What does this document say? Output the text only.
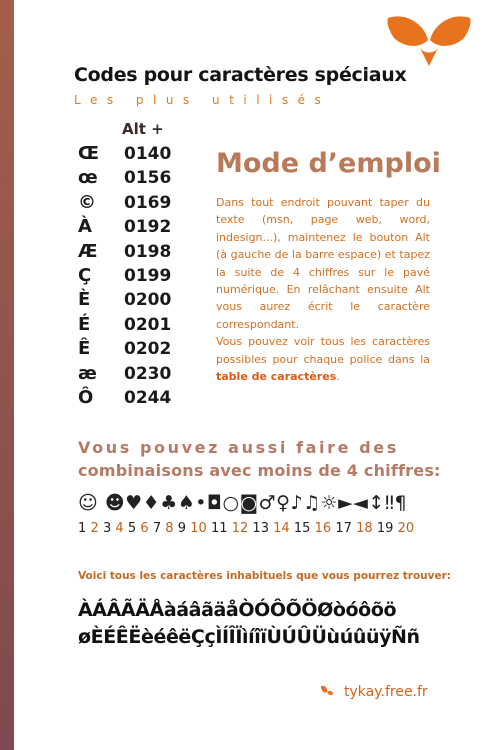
Codes pour caractères spéciaux
Les plus utilisés
Alt +
Œ 0140
œ 0156
© 0169
À 0192
Æ 0198
Ç 0199
È 0200
É 0201
Ê 0202
æ 0230
Ô 0244
Mode d’emploi
Dans tout endroit pouvant taper du texte (msn, page web, word, indesign...), maintenez le bouton Alt (à gauche de la barre espace) et tapez la suite de 4 chiffres sur le pavé numérique. En relâchant ensuite Alt vous aurez écrit le caractère correspondant.
Vous pouvez voir tous les caractères possibles pour chaque police dans la table de caractères.
Vous pouvez aussi faire des
combinaisons avec moins de 4 chiffres:
☺ ☻♥♦♣♠•◘○◙♂♀♪♫☼►◄↕‼¶
1 2 3 4 5 6 7 8 9 10 11 12 13 14 15 16 17 18 19 20
Voici tous les caractères inhabituels que vous pourrez trouver:
ÀÁÂÃÄÅàáâãäåÒÓÔÕÖØòóôõö
øÈÉÊËèéêëÇçÌÍÎÏìíîïÙÚÛÜùúûüÿÑñ
tykay.free.fr
